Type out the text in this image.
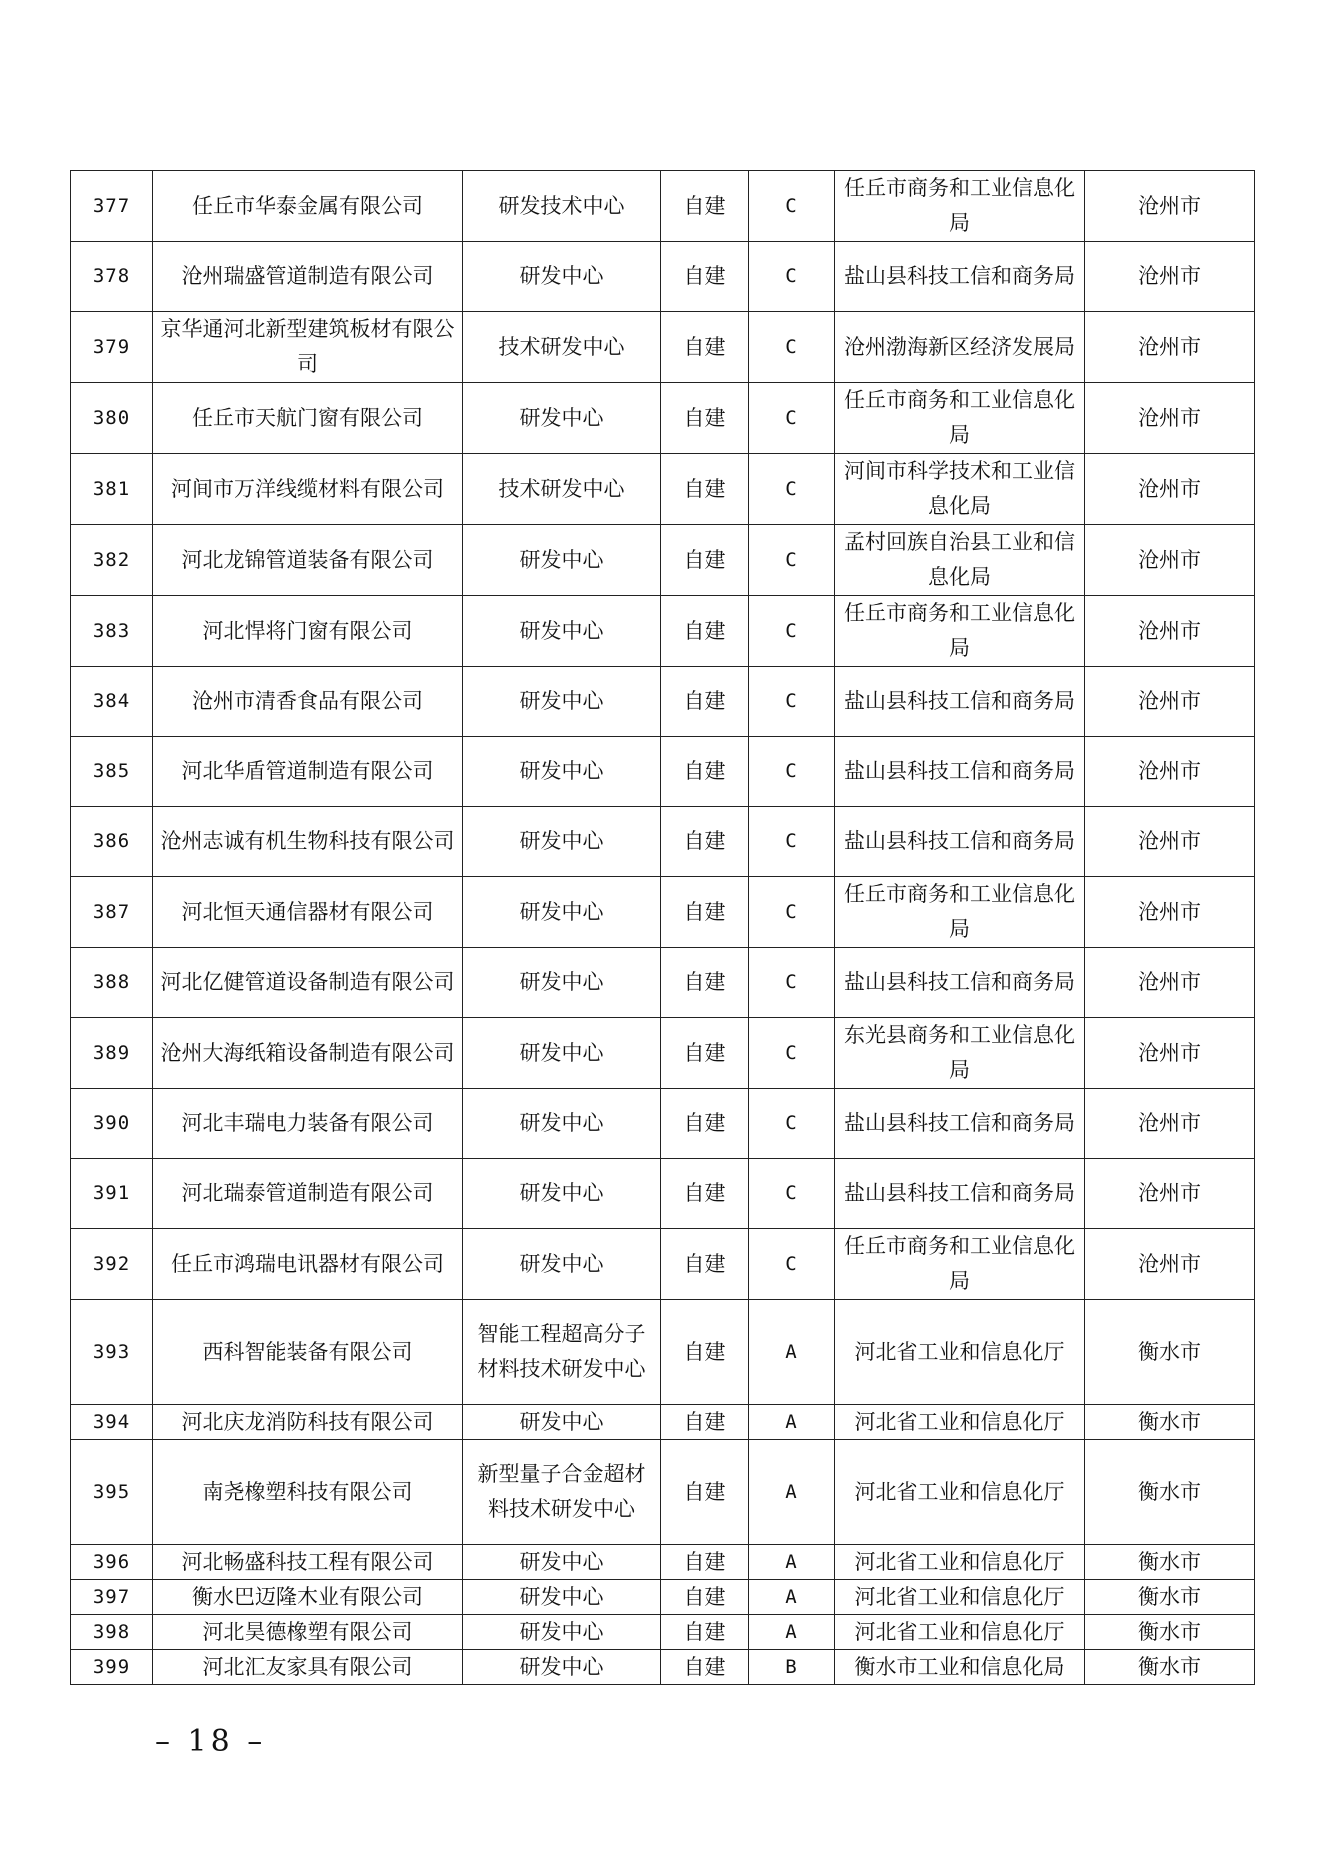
377	任丘市华泰金属有限公司	研发技术中心	自建	C	任丘市商务和工业信息化局	沧州市
378	沧州瑞盛管道制造有限公司	研发中心	自建	C	盐山县科技工信和商务局	沧州市
379	京华通河北新型建筑板材有限公司	技术研发中心	自建	C	沧州渤海新区经济发展局	沧州市
380	任丘市天航门窗有限公司	研发中心	自建	C	任丘市商务和工业信息化局	沧州市
381	河间市万洋线缆材料有限公司	技术研发中心	自建	C	河间市科学技术和工业信息化局	沧州市
382	河北龙锦管道装备有限公司	研发中心	自建	C	孟村回族自治县工业和信息化局	沧州市
383	河北悍将门窗有限公司	研发中心	自建	C	任丘市商务和工业信息化局	沧州市
384	沧州市清香食品有限公司	研发中心	自建	C	盐山县科技工信和商务局	沧州市
385	河北华盾管道制造有限公司	研发中心	自建	C	盐山县科技工信和商务局	沧州市
386	沧州志诚有机生物科技有限公司	研发中心	自建	C	盐山县科技工信和商务局	沧州市
387	河北恒天通信器材有限公司	研发中心	自建	C	任丘市商务和工业信息化局	沧州市
388	河北亿健管道设备制造有限公司	研发中心	自建	C	盐山县科技工信和商务局	沧州市
389	沧州大海纸箱设备制造有限公司	研发中心	自建	C	东光县商务和工业信息化局	沧州市
390	河北丰瑞电力装备有限公司	研发中心	自建	C	盐山县科技工信和商务局	沧州市
391	河北瑞泰管道制造有限公司	研发中心	自建	C	盐山县科技工信和商务局	沧州市
392	任丘市鸿瑞电讯器材有限公司	研发中心	自建	C	任丘市商务和工业信息化局	沧州市
393	西科智能装备有限公司	智能工程超高分子材料技术研发中心	自建	A	河北省工业和信息化厅	衡水市
394	河北庆龙消防科技有限公司	研发中心	自建	A	河北省工业和信息化厅	衡水市
395	南尧橡塑科技有限公司	新型量子合金超材料技术研发中心	自建	A	河北省工业和信息化厅	衡水市
396	河北畅盛科技工程有限公司	研发中心	自建	A	河北省工业和信息化厅	衡水市
397	衡水巴迈隆木业有限公司	研发中心	自建	A	河北省工业和信息化厅	衡水市
398	河北昊德橡塑有限公司	研发中心	自建	A	河北省工业和信息化厅	衡水市
399	河北汇友家具有限公司	研发中心	自建	B	衡水市工业和信息化局	衡水市
– 18 –
